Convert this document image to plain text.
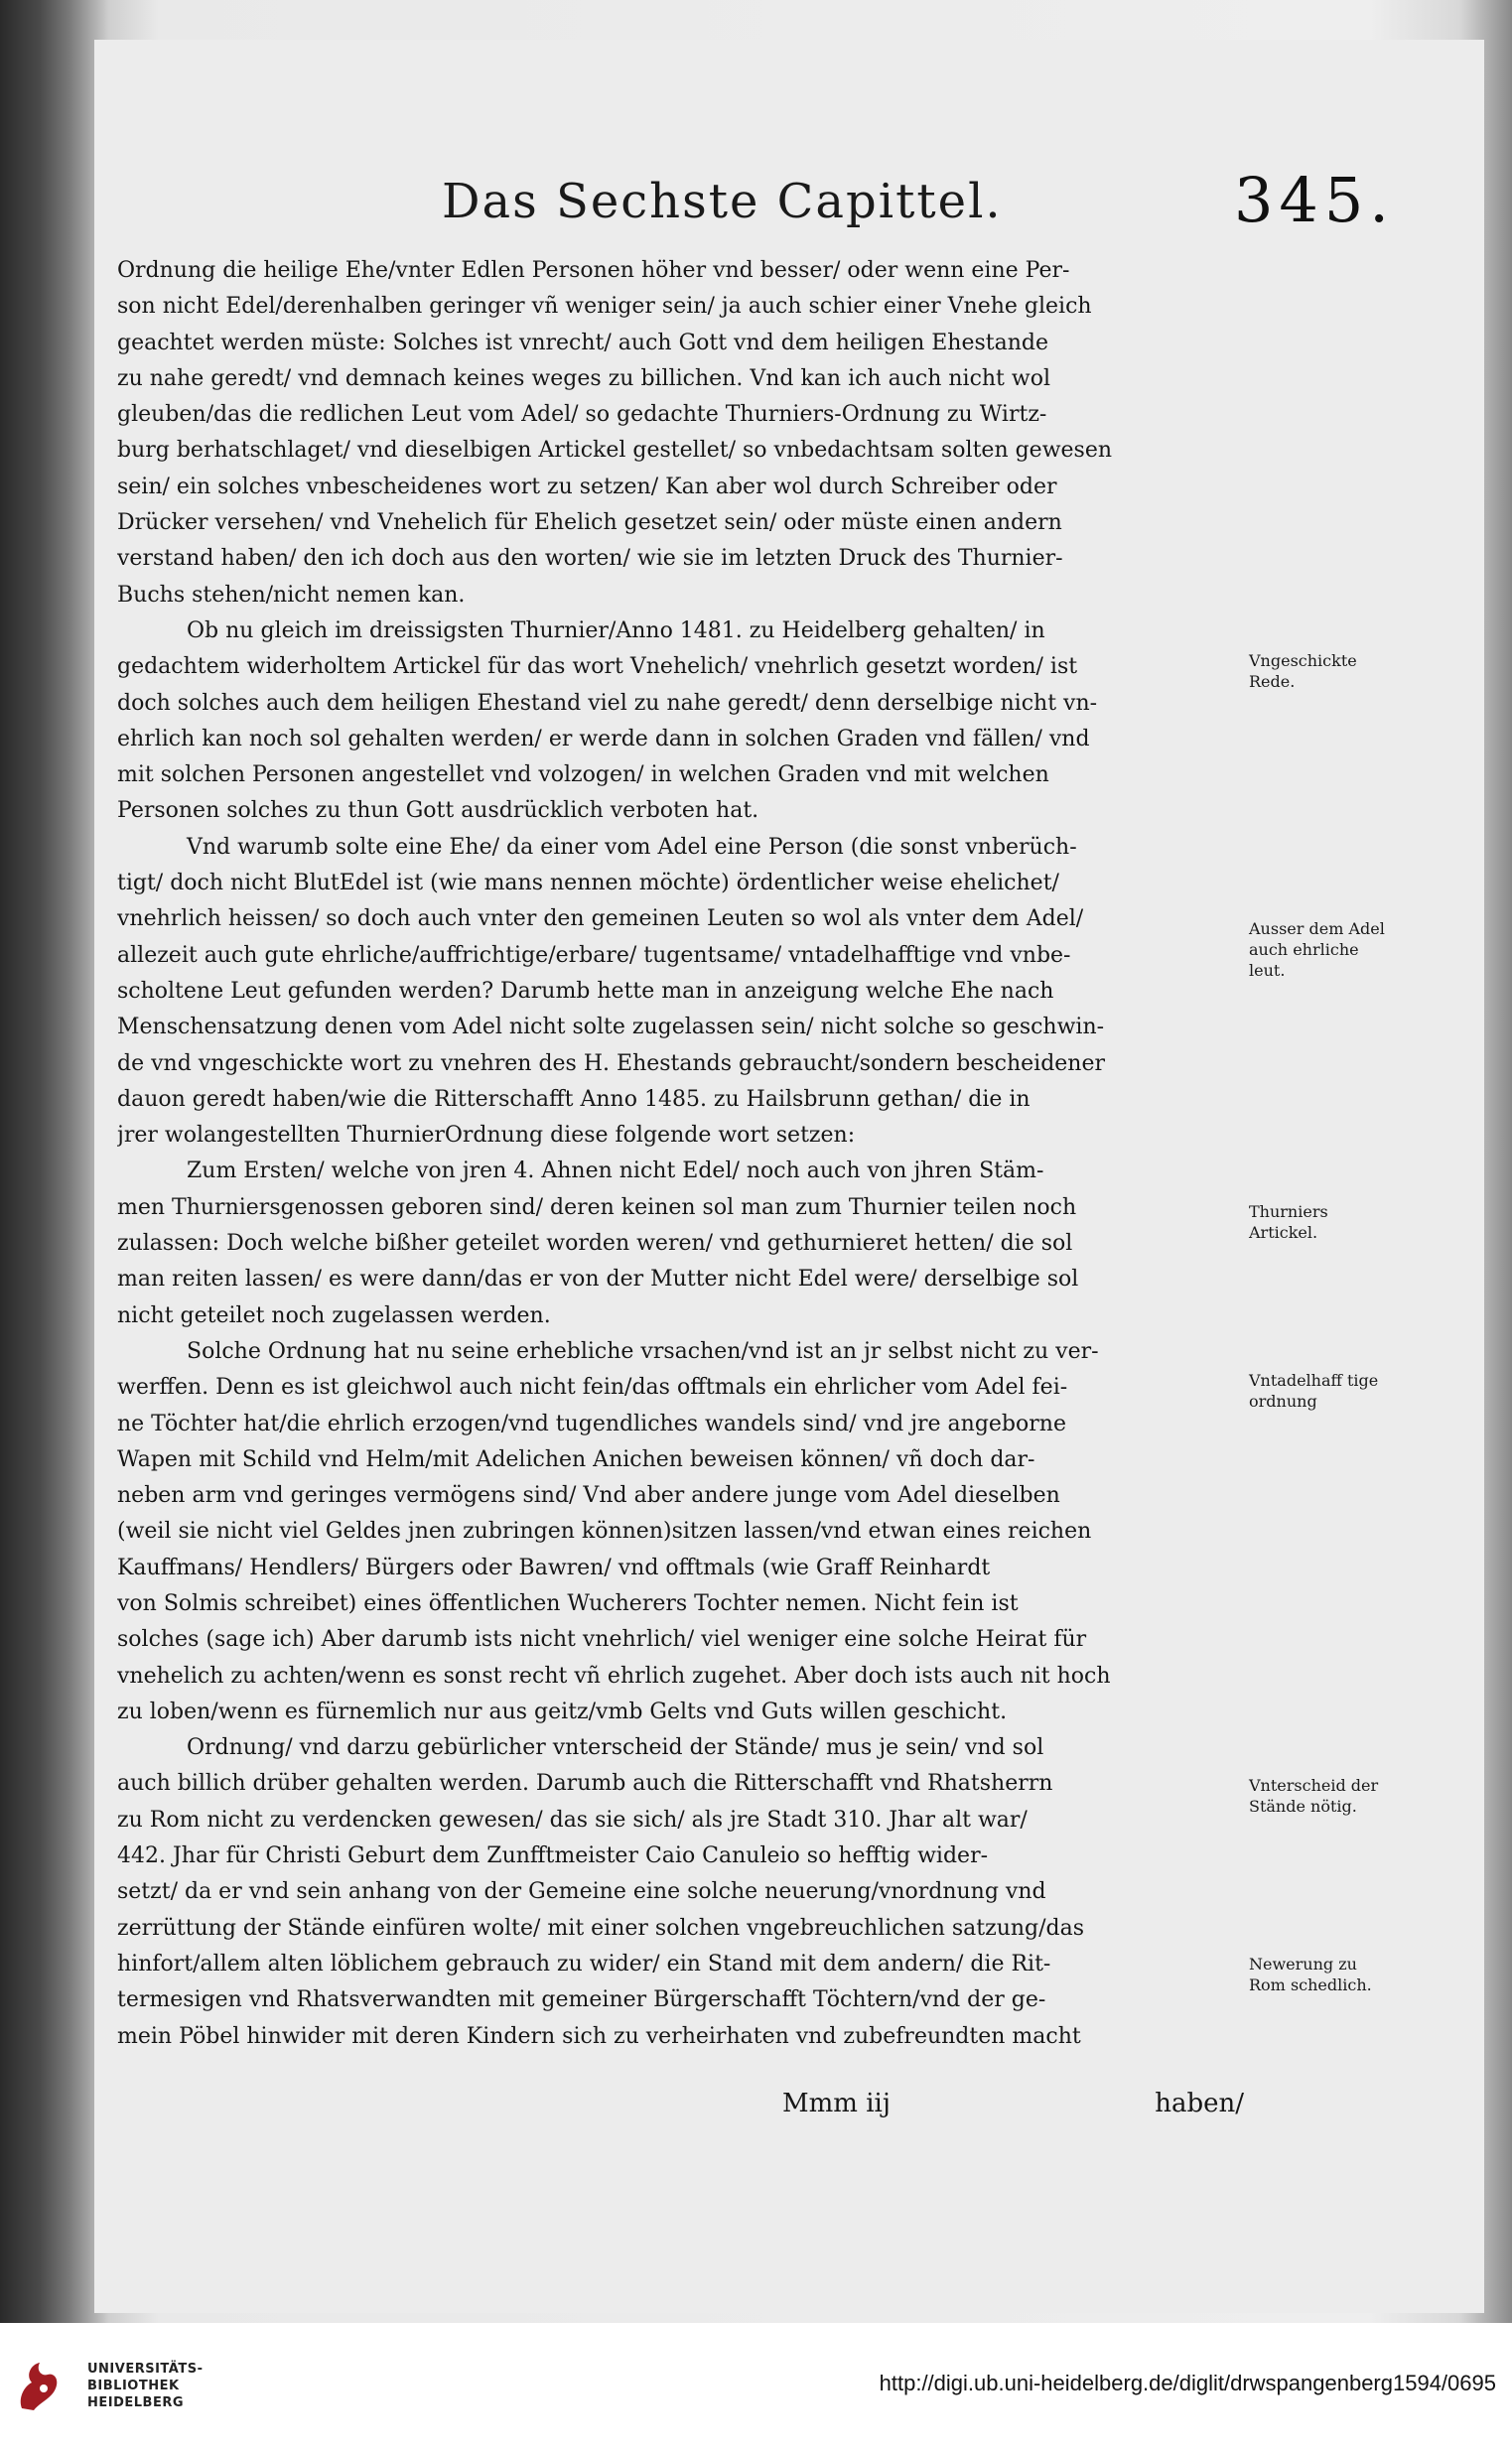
Das Sechste Capittel.	345.
Ordnung die heilige Ehe/vnter Edlen Personen höher vnd besser/ oder wenn eine Per-
son nicht Edel/derenhalben geringer vñ weniger sein/ ja auch schier einer Vnehe gleich
geachtet werden müste: Solches ist vnrecht/ auch Gott vnd dem heiligen Ehestande
zu nahe geredt/ vnd demnach keines weges zu billichen. Vnd kan ich auch nicht wol
gleuben/das die redlichen Leut vom Adel/ so gedachte Thurniers-Ordnung zu Wirtz-
burg berhatschlaget/ vnd dieselbigen Artickel gestellet/ so vnbedachtsam solten gewesen
sein/ ein solches vnbescheidenes wort zu setzen/ Kan aber wol durch Schreiber oder
Drücker versehen/ vnd Vnehelich für Ehelich gesetzet sein/ oder müste einen andern
verstand haben/ den ich doch aus den worten/ wie sie im letzten Druck des Thurnier-
Buchs stehen/nicht nemen kan.
Ob nu gleich im dreissigsten Thurnier/Anno 1481. zu Heidelberg gehalten/ in
gedachtem widerholtem Artickel für das wort Vnehelich/ vnehrlich gesetzt worden/ ist
doch solches auch dem heiligen Ehestand viel zu nahe geredt/ denn derselbige nicht vn-
ehrlich kan noch sol gehalten werden/ er werde dann in solchen Graden vnd fällen/ vnd
mit solchen Personen angestellet vnd volzogen/ in welchen Graden vnd mit welchen
Personen solches zu thun Gott ausdrücklich verboten hat.
Vnd warumb solte eine Ehe/ da einer vom Adel eine Person (die sonst vnberüch-
tigt/ doch nicht BlutEdel ist (wie mans nennen möchte) ördentlicher weise ehelichet/
vnehrlich heissen/ so doch auch vnter den gemeinen Leuten so wol als vnter dem Adel/
allezeit auch gute ehrliche/auffrichtige/erbare/ tugentsame/ vntadelhafftige vnd vnbe-
scholtene Leut gefunden werden? Darumb hette man in anzeigung welche Ehe nach
Menschensatzung denen vom Adel nicht solte zugelassen sein/ nicht solche so geschwin-
de vnd vngeschickte wort zu vnehren des H. Ehestands gebraucht/sondern bescheidener
dauon geredt haben/wie die Ritterschafft Anno 1485. zu Hailsbrunn gethan/ die in
jrer wolangestellten ThurnierOrdnung diese folgende wort setzen:
Zum Ersten/ welche von jren 4. Ahnen nicht Edel/ noch auch von jhren Stäm-
men Thurniersgenossen geboren sind/ deren keinen sol man zum Thurnier teilen noch
zulassen: Doch welche bißher geteilet worden weren/ vnd gethurnieret hetten/ die sol
man reiten lassen/ es were dann/das er von der Mutter nicht Edel were/ derselbige sol
nicht geteilet noch zugelassen werden.
Solche Ordnung hat nu seine erhebliche vrsachen/vnd ist an jr selbst nicht zu ver-
werffen. Denn es ist gleichwol auch nicht fein/das offtmals ein ehrlicher vom Adel fei-
ne Töchter hat/die ehrlich erzogen/vnd tugendliches wandels sind/ vnd jre angeborne
Wapen mit Schild vnd Helm/mit Adelichen Anichen beweisen können/ vñ doch dar-
neben arm vnd geringes vermögens sind/ Vnd aber andere junge vom Adel dieselben
(weil sie nicht viel Geldes jnen zubringen können)sitzen lassen/vnd etwan eines reichen
Kauffmans/ Hendlers/ Bürgers oder Bawren/ vnd offtmals (wie Graff Reinhardt
von Solmis schreibet) eines öffentlichen Wucherers Tochter nemen. Nicht fein ist
solches (sage ich) Aber darumb ists nicht vnehrlich/ viel weniger eine solche Heirat für
vnehelich zu achten/wenn es sonst recht vñ ehrlich zugehet. Aber doch ists auch nit hoch
zu loben/wenn es fürnemlich nur aus geitz/vmb Gelts vnd Guts willen geschicht.
Ordnung/ vnd darzu gebürlicher vnterscheid der Stände/ mus je sein/ vnd sol
auch billich drüber gehalten werden. Darumb auch die Ritterschafft vnd Rhatsherrn
zu Rom nicht zu verdencken gewesen/ das sie sich/ als jre Stadt 310. Jhar alt war/
442. Jhar für Christi Geburt dem Zunfftmeister Caio Canuleio so hefftig wider-
setzt/ da er vnd sein anhang von der Gemeine eine solche neuerung/vnordnung vnd
zerrüttung der Stände einfüren wolte/ mit einer solchen vngebreuchlichen satzung/das
hinfort/allem alten löblichem gebrauch zu wider/ ein Stand mit dem andern/ die Rit-
termesigen vnd Rhatsverwandten mit gemeiner Bürgerschafft Töchtern/vnd der ge-
mein Pöbel hinwider mit deren Kindern sich zu verheirhaten vnd zubefreundten macht
Vngeschickte Rede.
Ausser dem Adel auch ehrliche leut.
Thurniers Artickel.
Vntadelhaff tige ordnung
Vnterscheid der Stände nötig.
Newerung zu Rom schedlich.
Mmm iij	haben/
UNIVERSITÄTS-
BIBLIOTHEK
HEIDELBERG
http://digi.ub.uni-heidelberg.de/diglit/drwspangenberg1594/0695
